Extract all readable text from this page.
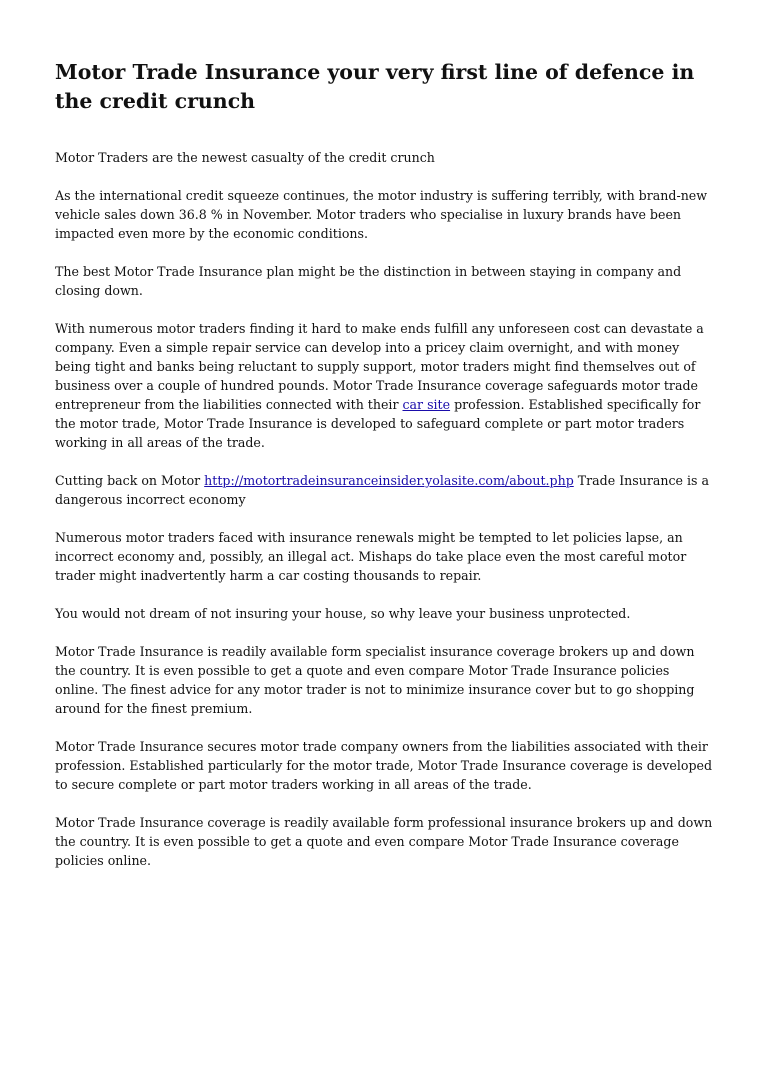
Motor Trade Insurance your very first line of defence in the credit crunch

Motor Traders are the newest casualty of the credit crunch

As the international credit squeeze continues, the motor industry is suffering terribly, with brand-new vehicle sales down 36.8 % in November. Motor traders who specialise in luxury brands have been impacted even more by the economic conditions.

The best Motor Trade Insurance plan might be the distinction in between staying in company and closing down.

With numerous motor traders finding it hard to make ends fulfill any unforeseen cost can devastate a company. Even a simple repair service can develop into a pricey claim overnight, and with money being tight and banks being reluctant to supply support, motor traders might find themselves out of business over a couple of hundred pounds. Motor Trade Insurance coverage safeguards motor trade entrepreneur from the liabilities connected with their car site profession. Established specifically for the motor trade, Motor Trade Insurance is developed to safeguard complete or part motor traders working in all areas of the trade.

Cutting back on Motor http://motortradeinsuranceinsider.yolasite.com/about.php Trade Insurance is a dangerous incorrect economy

Numerous motor traders faced with insurance renewals might be tempted to let policies lapse, an incorrect economy and, possibly, an illegal act. Mishaps do take place even the most careful motor trader might inadvertently harm a car costing thousands to repair.

You would not dream of not insuring your house, so why leave your business unprotected.

Motor Trade Insurance is readily available form specialist insurance coverage brokers up and down the country. It is even possible to get a quote and even compare Motor Trade Insurance policies online. The finest advice for any motor trader is not to minimize insurance cover but to go shopping around for the finest premium.

Motor Trade Insurance secures motor trade company owners from the liabilities associated with their profession. Established particularly for the motor trade, Motor Trade Insurance coverage is developed to secure complete or part motor traders working in all areas of the trade.

Motor Trade Insurance coverage is readily available form professional insurance brokers up and down the country. It is even possible to get a quote and even compare Motor Trade Insurance coverage policies online.
